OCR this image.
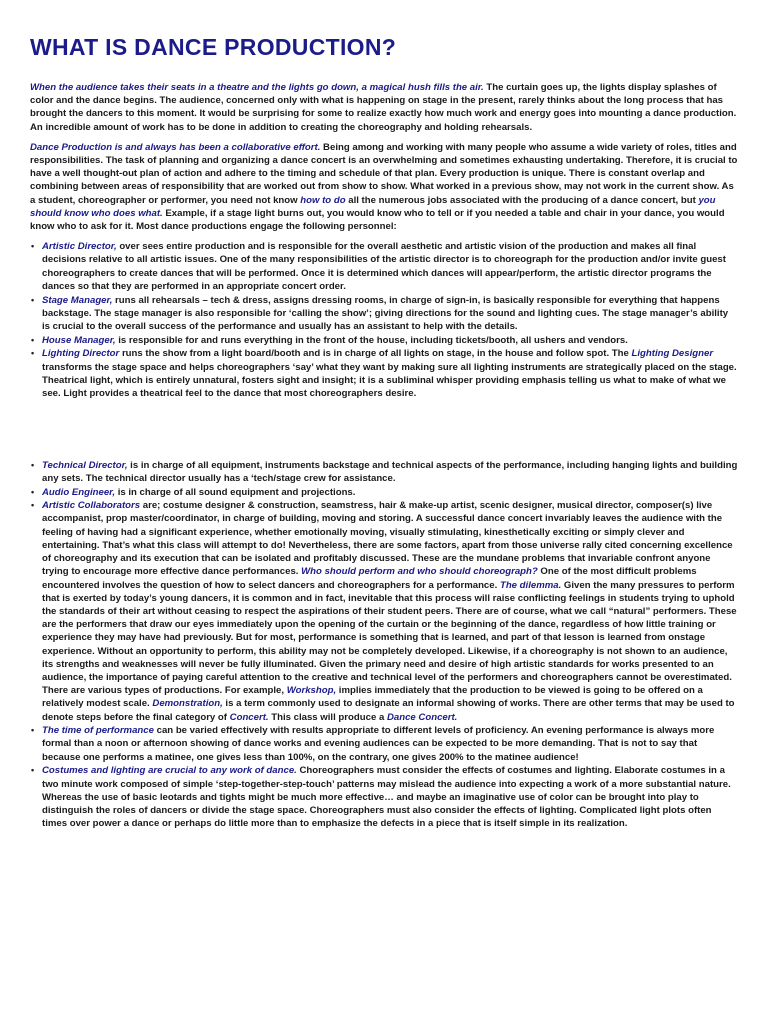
WHAT IS DANCE PRODUCTION?

When the audience takes their seats in a theatre and the lights go down, a magical hush fills the air. The curtain goes up, the lights display splashes of color and the dance begins. The audience, concerned only with what is happening on stage in the present, rarely thinks about the long process that has brought the dancers to this moment. It would be surprising for some to realize exactly how much work and energy goes into mounting a dance production. An incredible amount of work has to be done in addition to creating the choreography and holding rehearsals.

Dance Production is and always has been a collaborative effort. Being among and working with many people who assume a wide variety of roles, titles and responsibilities. The task of planning and organizing a dance concert is an overwhelming and sometimes exhausting undertaking. Therefore, it is crucial to have a well thought-out plan of action and adhere to the timing and schedule of that plan. Every production is unique. There is constant overlap and combining between areas of responsibility that are worked out from show to show. What worked in a previous show, may not work in the current show. As a student, choreographer or performer, you need not know how to do all the numerous jobs associated with the producing of a dance concert, but you should know who does what. Example, if a stage light burns out, you would know who to tell or if you needed a table and chair in your dance, you would know who to ask for it. Most dance productions engage the following personnel:

• Artistic Director, over sees entire production and is responsible for the overall aesthetic and artistic vision of the production and makes all final decisions relative to all artistic issues. One of the many responsibilities of the artistic director is to choreograph for the production and/or invite guest choreographers to create dances that will be performed. Once it is determined which dances will appear/perform, the artistic director programs the dances so that they are performed in an appropriate concert order.
• Stage Manager, runs all rehearsals – tech & dress, assigns dressing rooms, in charge of sign-in, is basically responsible for everything that happens backstage. The stage manager is also responsible for ‘calling the show’; giving directions for the sound and lighting cues. The stage manager’s ability is crucial to the overall success of the performance and usually has an assistant to help with the details.
• House Manager, is responsible for and runs everything in the front of the house, including tickets/booth, all ushers and vendors.
• Lighting Director runs the show from a light board/booth and is in charge of all lights on stage, in the house and follow spot. The Lighting Designer transforms the stage space and helps choreographers ‘say’ what they want by making sure all lighting instruments are strategically placed on the stage. Theatrical light, which is entirely unnatural, fosters sight and insight; it is a subliminal whisper providing emphasis telling us what to make of what we see. Light provides a theatrical feel to the dance that most choreographers desire.
• Technical Director, is in charge of all equipment, instruments backstage and technical aspects of the performance, including hanging lights and building any sets. The technical director usually has a ‘tech/stage crew for assistance.
• Audio Engineer, is in charge of all sound equipment and projections.
• Artistic Collaborators are; costume designer & construction, seamstress, hair & make-up artist, scenic designer, musical director, composer(s) live accompanist, prop master/coordinator, in charge of building, moving and storing. A successful dance concert invariably leaves the audience with the feeling of having had a significant experience, whether emotionally moving, visually stimulating, kinesthetically exciting or simply clever and entertaining. That’s what this class will attempt to do! Nevertheless, there are some factors, apart from those universe rally cited concerning excellence of choreography and its execution that can be isolated and profitably discussed. These are the mundane problems that invariable confront anyone trying to encourage more effective dance performances. Who should perform and who should choreograph? One of the most difficult problems encountered involves the question of how to select dancers and choreographers for a performance. The dilemma. Given the many pressures to perform that is exerted by today’s young dancers, it is common and in fact, inevitable that this process will raise conflicting feelings in students trying to uphold the standards of their art without ceasing to respect the aspirations of their student peers. There are of course, what we call “natural” performers. These are the performers that draw our eyes immediately upon the opening of the curtain or the beginning of the dance, regardless of how little training or experience they may have had previously. But for most, performance is something that is learned, and part of that lesson is learned from onstage experience. Without an opportunity to perform, this ability may not be completely developed. Likewise, if a choreography is not shown to an audience, its strengths and weaknesses will never be fully illuminated. Given the primary need and desire of high artistic standards for works presented to an audience, the importance of paying careful attention to the creative and technical level of the performers and choreographers cannot be overestimated. There are various types of productions. For example, Workshop, implies immediately that the production to be viewed is going to be offered on a relatively modest scale. Demonstration, is a term commonly used to designate an informal showing of works. There are other terms that may be used to denote steps before the final category of Concert. This class will produce a Dance Concert.
• The time of performance can be varied effectively with results appropriate to different levels of proficiency. An evening performance is always more formal than a noon or afternoon showing of dance works and evening audiences can be expected to be more demanding. That is not to say that because one performs a matinee, one gives less than 100%, on the contrary, one gives 200% to the matinee audience!
• Costumes and lighting are crucial to any work of dance. Choreographers must consider the effects of costumes and lighting. Elaborate costumes in a two minute work composed of simple ‘step-together-step-touch’ patterns may mislead the audience into expecting a work of a more substantial nature. Whereas the use of basic leotards and tights might be much more effective… and maybe an imaginative use of color can be brought into play to distinguish the roles of dancers or divide the stage space. Choreographers must also consider the effects of lighting. Complicated light plots often times over power a dance or perhaps do little more than to emphasize the defects in a piece that is itself simple in its realization.
